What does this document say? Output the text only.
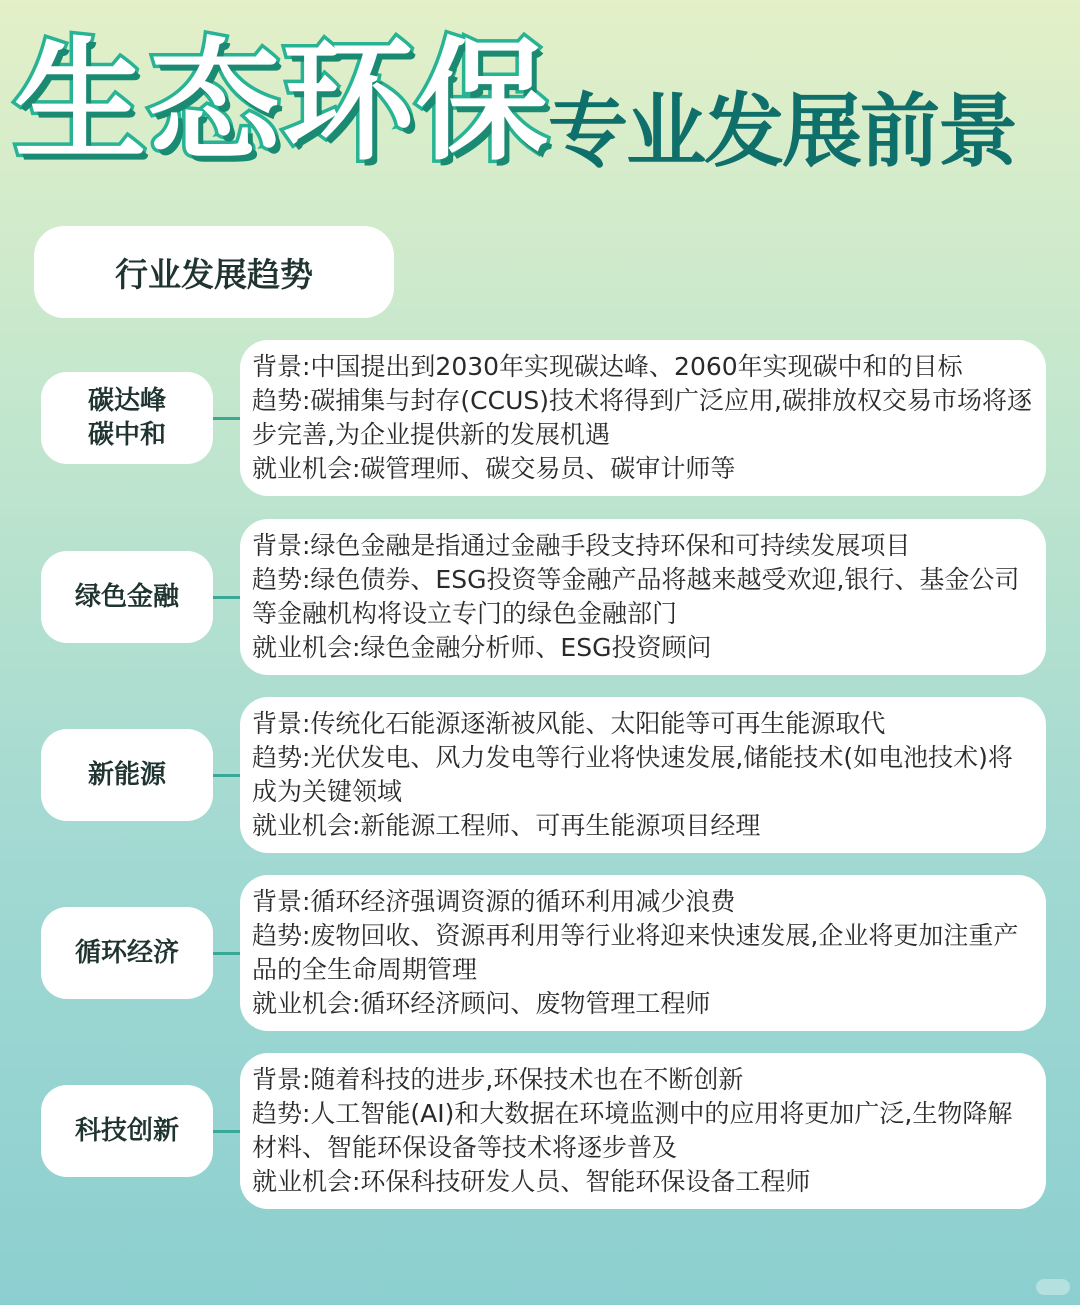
生态环保
专业发展前景
行业发展趋势
碳达峰
碳中和
背景:中国提出到2030年实现碳达峰、2060年实现碳中和的目标
趋势:碳捕集与封存(CCUS)技术将得到广泛应用,碳排放权交易市场将逐步完善,为企业提供新的发展机遇
就业机会:碳管理师、碳交易员、碳审计师等
绿色金融
背景:绿色金融是指通过金融手段支持环保和可持续发展项目
趋势:绿色债券、ESG投资等金融产品将越来越受欢迎,银行、基金公司等金融机构将设立专门的绿色金融部门
就业机会:绿色金融分析师、ESG投资顾问
新能源
背景:传统化石能源逐渐被风能、太阳能等可再生能源取代
趋势:光伏发电、风力发电等行业将快速发展,储能技术(如电池技术)将成为关键领域
就业机会:新能源工程师、可再生能源项目经理
循环经济
背景:循环经济强调资源的循环利用减少浪费
趋势:废物回收、资源再利用等行业将迎来快速发展,企业将更加注重产品的全生命周期管理
就业机会:循环经济顾问、废物管理工程师
科技创新
背景:随着科技的进步,环保技术也在不断创新
趋势:人工智能(AI)和大数据在环境监测中的应用将更加广泛,生物降解材料、智能环保设备等技术将逐步普及
就业机会:环保科技研发人员、智能环保设备工程师
